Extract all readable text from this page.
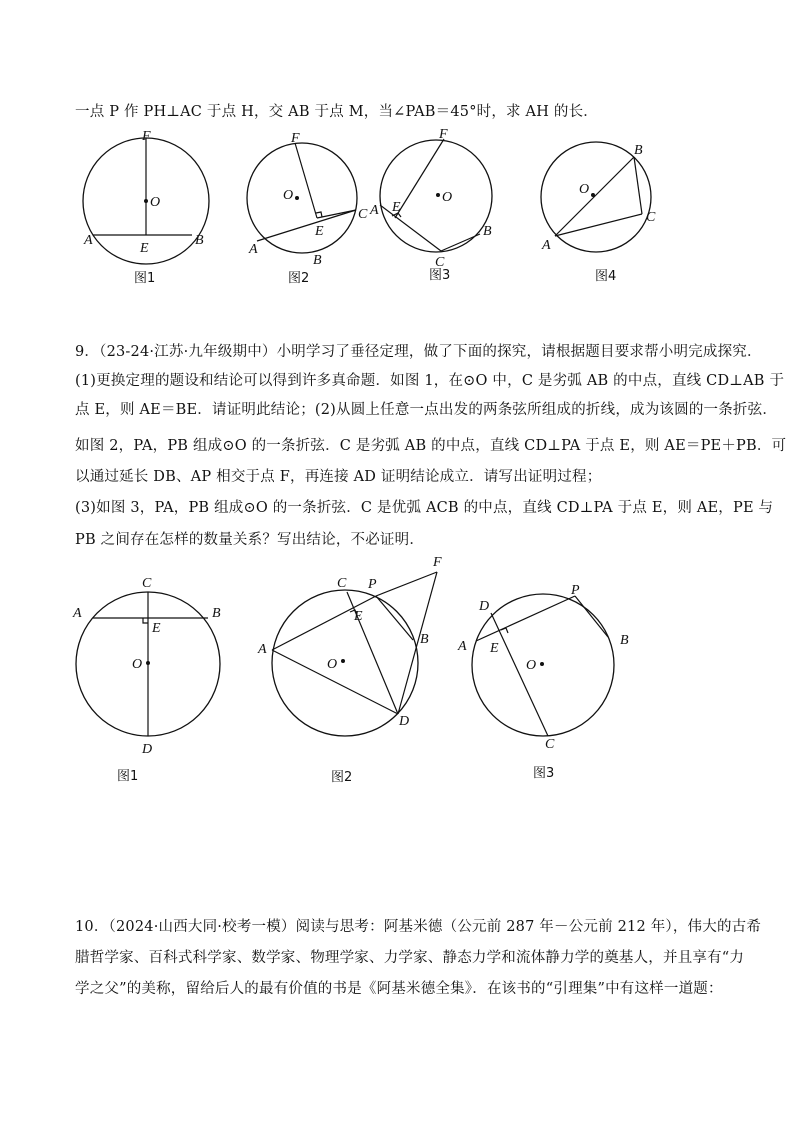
一点 P 作 PH⊥AC 于点 H，交 AB 于点 M，当∠PAB＝45°时，求 AH 的长．
F
O
A
E
B
图1
F
O
C
E
A
B
图2
F
O
A E
B
C
图3
B
O
C
A
图4
9．（23-24·江苏·九年级期中）小明学习了垂径定理，做了下面的探究，请根据题目要求帮小明完成探究．
(1)更换定理的题设和结论可以得到许多真命题．如图 1，在⊙O 中，C 是劣弧 AB 的中点，直线 CD⊥AB 于
点 E，则 AE＝BE．请证明此结论；(2)从圆上任意一点出发的两条弦所组成的折线，成为该圆的一条折弦．
如图 2，PA，PB 组成⊙O 的一条折弦．C 是劣弧 AB 的中点，直线 CD⊥PA 于点 E，则 AE＝PE＋PB．可
以通过延长 DB、AP 相交于点 F，再连接 AD 证明结论成立．请写出证明过程；
(3)如图 3，PA，PB 组成⊙O 的一条折弦．C 是优弧 ACB 的中点，直线 CD⊥PA 于点 E，则 AE，PE 与
PB 之间存在怎样的数量关系？写出结论，不必证明．
C
A	B
E
O
D
图1
C P
F
E
A
B
O
D
图2
D
P
A E
B
O
C
图3
10．（2024·山西大同·校考一模）阅读与思考：阿基米德（公元前 287 年－公元前 212 年），伟大的古希
腊哲学家、百科式科学家、数学家、物理学家、力学家、静态力学和流体静力学的奠基人，并且享有“力
学之父”的美称，留给后人的最有价值的书是《阿基米德全集》．在该书的“引理集”中有这样一道题：
